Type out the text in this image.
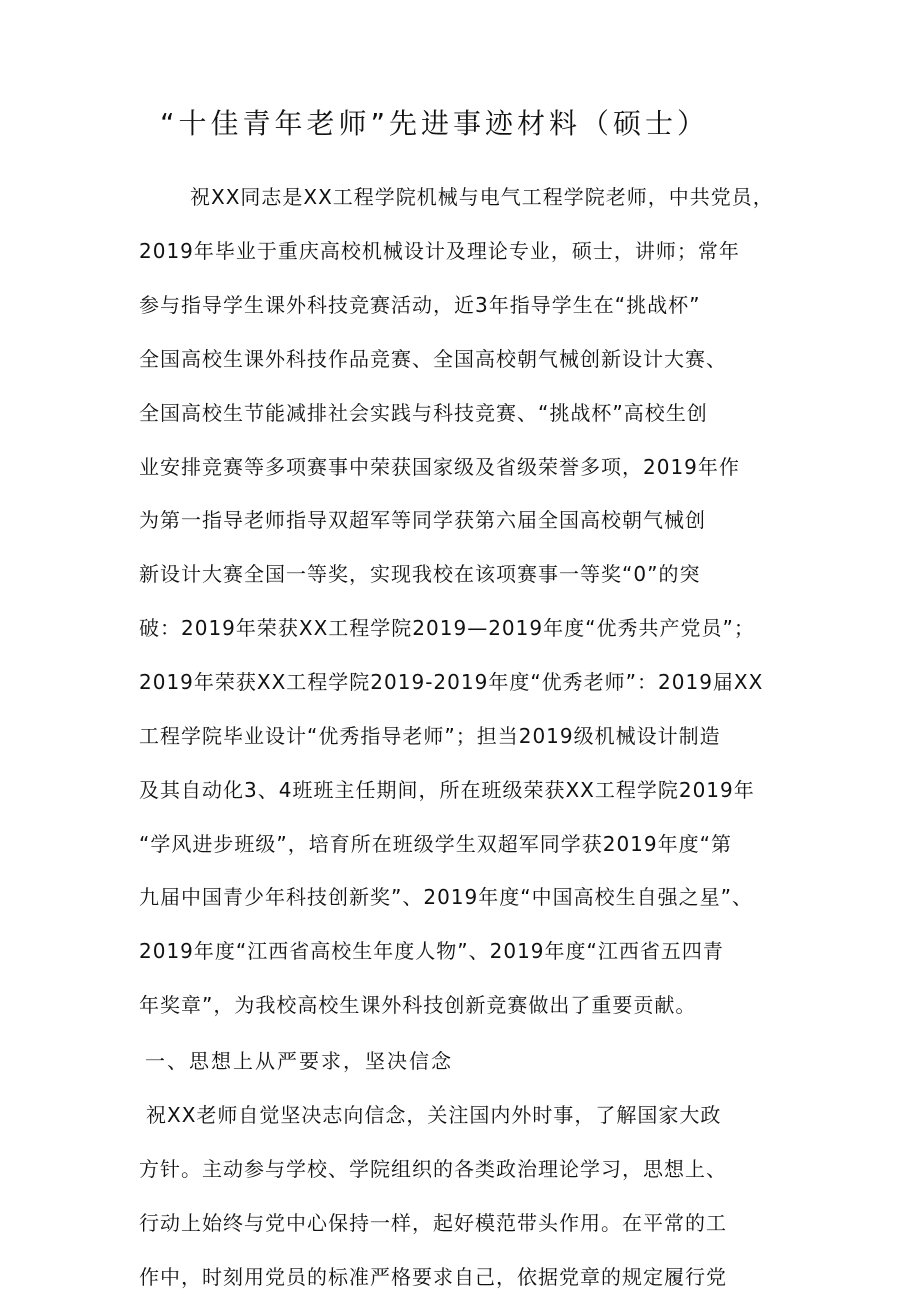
“十佳青年老师”先进事迹材料（硕士）
祝XX同志是XX工程学院机械与电气工程学院老师，中共党员，
2019年毕业于重庆高校机械设计及理论专业，硕士，讲师；常年
参与指导学生课外科技竞赛活动，近3年指导学生在“挑战杯”
全国高校生课外科技作品竞赛、全国高校朝气械创新设计大赛、
全国高校生节能减排社会实践与科技竞赛、“挑战杯”高校生创
业安排竞赛等多项赛事中荣获国家级及省级荣誉多项，2019年作
为第一指导老师指导双超军等同学获第六届全国高校朝气械创
新设计大赛全国一等奖，实现我校在该项赛事一等奖“0”的突
破：2019年荣获XX工程学院2019—2019年度“优秀共产党员”；
2019年荣获XX工程学院2019-2019年度“优秀老师”：2019届XX
工程学院毕业设计“优秀指导老师”；担当2019级机械设计制造
及其自动化3、4班班主任期间，所在班级荣获XX工程学院2019年
“学风进步班级”，培育所在班级学生双超军同学获2019年度“第
九届中国青少年科技创新奖”、2019年度“中国高校生自强之星”、
2019年度“江西省高校生年度人物”、2019年度“江西省五四青
年奖章”，为我校高校生课外科技创新竞赛做出了重要贡献。
一、思想上从严要求，坚决信念
祝XX老师自觉坚决志向信念，关注国内外时事，了解国家大政
方针。主动参与学校、学院组织的各类政治理论学习，思想上、
行动上始终与党中心保持一样，起好模范带头作用。在平常的工
作中，时刻用党员的标准严格要求自己，依据党章的规定履行党
